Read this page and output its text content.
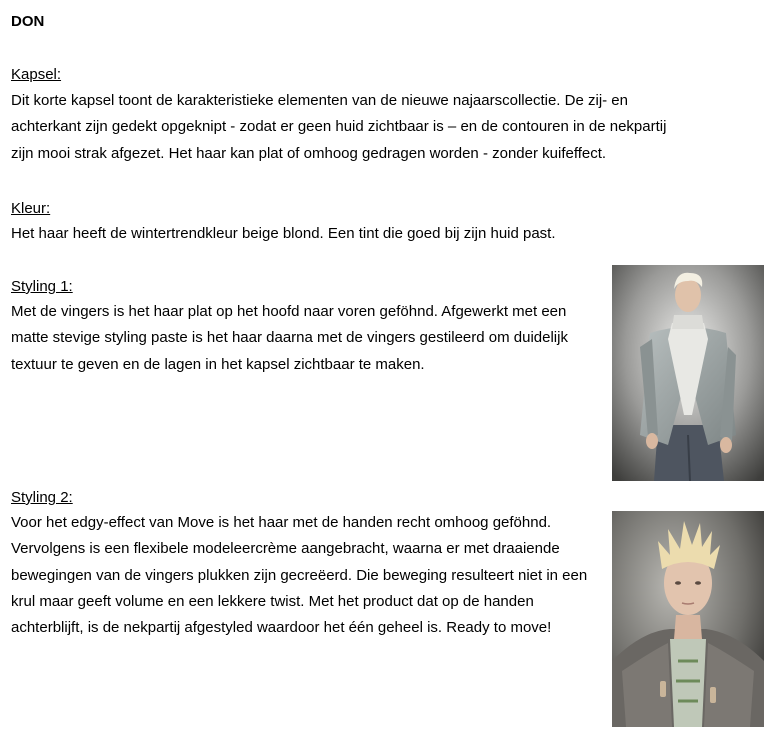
DON
Kapsel:
Dit korte kapsel toont de karakteristieke elementen van de nieuwe najaarscollectie. De zij- en
achterkant zijn gedekt opgeknipt - zodat er geen huid zichtbaar is – en de contouren in de nekpartij
zijn mooi strak afgezet. Het haar kan plat of omhoog gedragen worden - zonder kuifeffect.
Kleur:
Het haar heeft de wintertrendkleur beige blond. Een tint die goed bij zijn huid past.
Styling 1:
Met de vingers is het haar plat op het hoofd naar voren geföhnd. Afgewerkt met een
matte stevige styling paste is het haar daarna met de vingers gestileerd om duidelijk
textuur te geven en de lagen in het kapsel zichtbaar te maken.
Styling 2:
Voor het edgy-effect van Move is het haar met de handen recht omhoog geföhnd.
Vervolgens is een flexibele modeleercrème aangebracht, waarna er met draaiende
bewegingen van de vingers plukken zijn gecreëerd. Die beweging resulteert niet in een
krul maar geeft volume en een lekkere twist. Met het product dat op de handen
achterblijft, is de nekpartij afgestyled waardoor het één geheel is. Ready to move!
